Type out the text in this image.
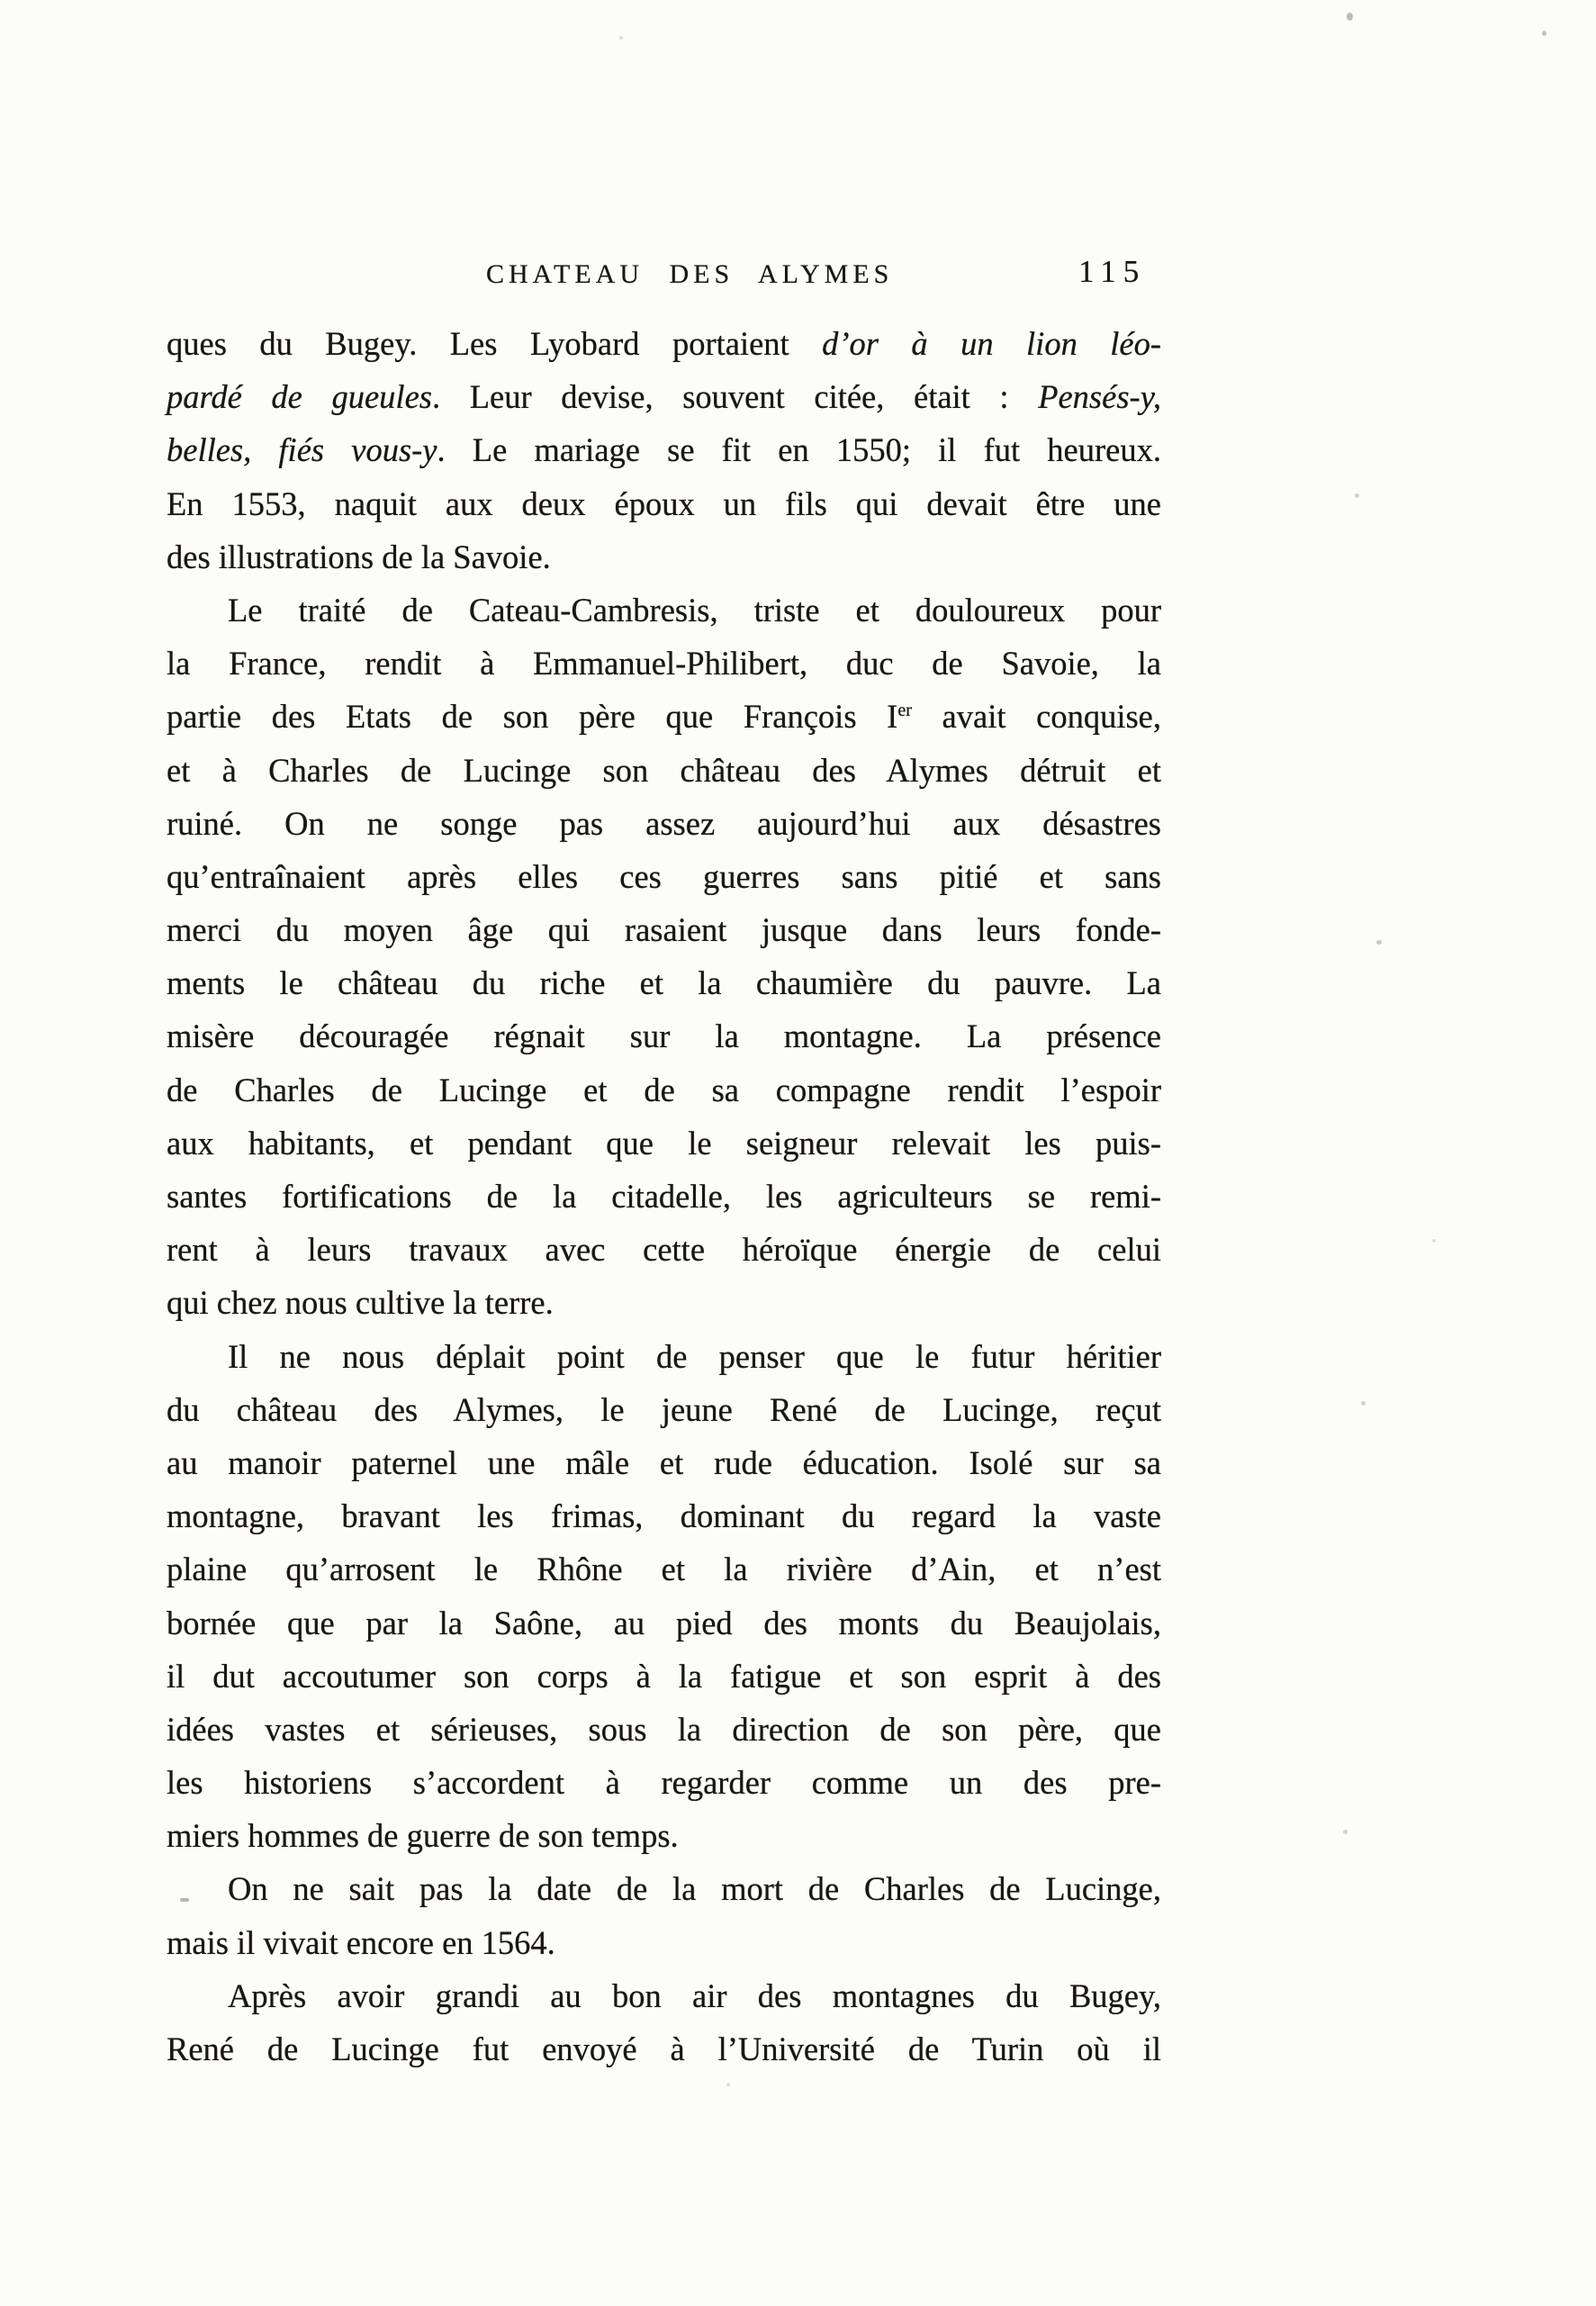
CHATEAU DES ALYMES	115
ques du Bugey. Les Lyobard portaient d’or à un lion léo-
pardé de gueules. Leur devise, souvent citée, était : Pensés-y,
belles, fiés vous-y. Le mariage se fit en 1550; il fut heureux.
En 1553, naquit aux deux époux un fils qui devait être une
des illustrations de la Savoie.
Le traité de Cateau-Cambresis, triste et douloureux pour
la France, rendit à Emmanuel-Philibert, duc de Savoie, la
partie des Etats de son père que François Ier avait conquise,
et à Charles de Lucinge son château des Alymes détruit et
ruiné. On ne songe pas assez aujourd’hui aux désastres
qu’entraînaient après elles ces guerres sans pitié et sans
merci du moyen âge qui rasaient jusque dans leurs fonde-
ments le château du riche et la chaumière du pauvre. La
misère découragée régnait sur la montagne. La présence
de Charles de Lucinge et de sa compagne rendit l’espoir
aux habitants, et pendant que le seigneur relevait les puis-
santes fortifications de la citadelle, les agriculteurs se remi-
rent à leurs travaux avec cette héroïque énergie de celui
qui chez nous cultive la terre.
Il ne nous déplait point de penser que le futur héritier
du château des Alymes, le jeune René de Lucinge, reçut
au manoir paternel une mâle et rude éducation. Isolé sur sa
montagne, bravant les frimas, dominant du regard la vaste
plaine qu’arrosent le Rhône et la rivière d’Ain, et n’est
bornée que par la Saône, au pied des monts du Beaujolais,
il dut accoutumer son corps à la fatigue et son esprit à des
idées vastes et sérieuses, sous la direction de son père, que
les historiens s’accordent à regarder comme un des pre-
miers hommes de guerre de son temps.
On ne sait pas la date de la mort de Charles de Lucinge,
mais il vivait encore en 1564.
Après avoir grandi au bon air des montagnes du Bugey,
René de Lucinge fut envoyé à l’Université de Turin où il
